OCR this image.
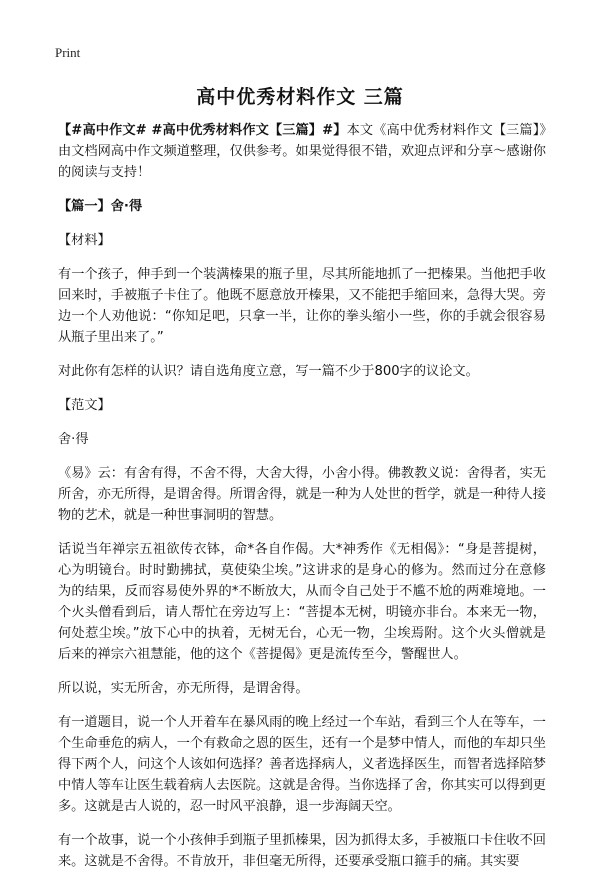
Print
高中优秀材料作文 三篇

【#高中作文# #高中优秀材料作文【三篇】#】本文《高中优秀材料作文【三篇】》由文档网高中作文频道整理，仅供参考。如果觉得很不错，欢迎点评和分享～感谢你的阅读与支持！

【篇一】舍·得

【材料】

有一个孩子，伸手到一个装满榛果的瓶子里，尽其所能地抓了一把榛果。当他把手收回来时，手被瓶子卡住了。他既不愿意放开榛果，又不能把手缩回来，急得大哭。旁边一个人劝他说：“你知足吧，只拿一半，让你的拳头缩小一些，你的手就会很容易从瓶子里出来了。”

对此你有怎样的认识？请自选角度立意，写一篇不少于800字的议论文。

【范文】

舍·得

《易》云：有舍有得，不舍不得，大舍大得，小舍小得。佛教教义说：舍得者，实无所舍，亦无所得，是谓舍得。所谓舍得，就是一种为人处世的哲学，就是一种待人接物的艺术，就是一种世事洞明的智慧。

话说当年禅宗五祖欲传衣钵，命*各自作偈。大*神秀作《无相偈》：“身是菩提树，心为明镜台。时时勤拂拭，莫使染尘埃。”这讲求的是身心的修为。然而过分在意修为的结果，反而容易使外界的*不断放大，从而令自己处于不尴不尬的两难境地。一个火头僧看到后，请人帮忙在旁边写上：“菩提本无树，明镜亦非台。本来无一物，何处惹尘埃。”放下心中的执着，无树无台，心无一物，尘埃焉附。这个火头僧就是后来的禅宗六祖慧能，他的这个《菩提偈》更是流传至今，警醒世人。

所以说，实无所舍，亦无所得，是谓舍得。

有一道题目，说一个人开着车在暴风雨的晚上经过一个车站，看到三个人在等车，一个生命垂危的病人，一个有救命之恩的医生，还有一个是梦中情人，而他的车却只坐得下两个人，问这个人该如何选择？善者选择病人，义者选择医生，而智者选择陪梦中情人等车让医生载着病人去医院。这就是舍得。当你选择了舍，你其实可以得到更多。这就是古人说的，忍一时风平浪静，退一步海阔天空。

有一个故事，说一个小孩伸手到瓶子里抓榛果，因为抓得太多，手被瓶口卡住收不回来。这就是不舍得。不肯放开，非但毫无所得，还要承受瓶口箍手的痛。其实要
